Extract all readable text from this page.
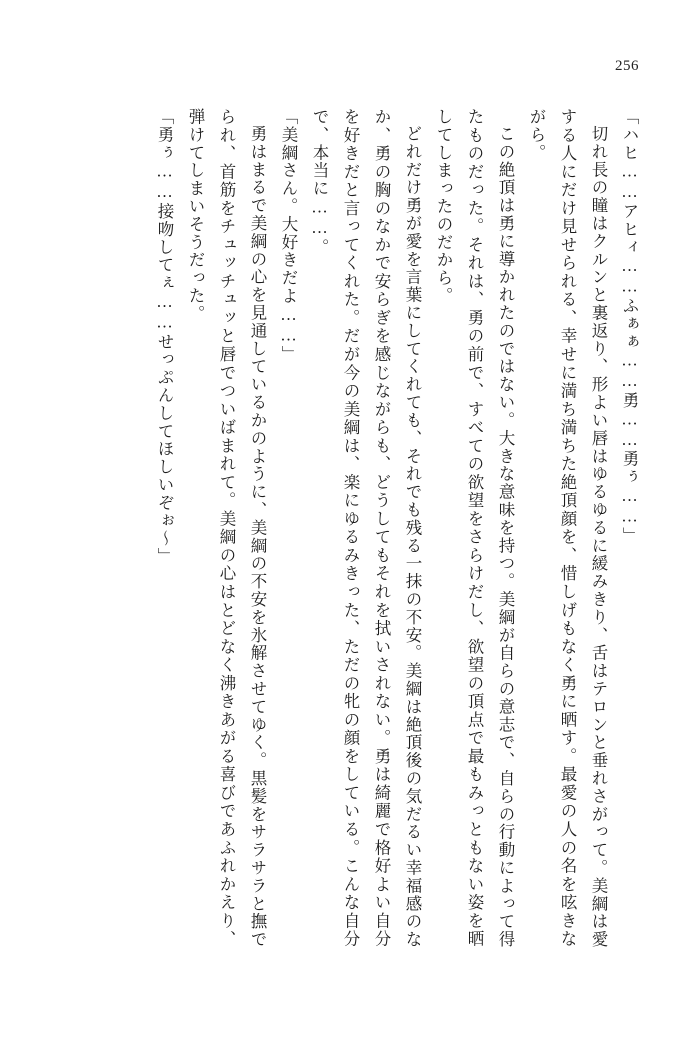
256

「ハヒ……アヒィ……ふぁぁ……勇……勇ぅ……」

切れ長の瞳はクルンと裏返り、形よい唇はゆるゆるに緩みきり、舌はテロンと垂れさがって。美綱は愛する人にだけ見せられる、幸せに満ち満ちた絶頂顔を、惜しげもなく勇に晒す。最愛の人の名を呟きながら。

この絶頂は勇に導かれたのではない。大きな意味を持つ。美綱が自らの意志で、自らの行動によって得たものだった。それは、勇の前で、すべての欲望をさらけだし、欲望の頂点で最もみっともない姿を晒してしまったのだから。

どれだけ勇が愛を言葉にしてくれても、それでも残る一抹の不安。美綱は絶頂後の気だるい幸福感のなか、勇の胸のなかで安らぎを感じながらも、どうしてもそれを拭いされない。勇は綺麗で格好よい自分を好きだと言ってくれた。だが今の美綱は、楽にゆるみきった、ただの牝の顔をしている。こんな自分で、本当に……。

「美綱さん。大好きだよ……」

勇はまるで美綱の心を見通しているかのように、美綱の不安を氷解させてゆく。黒髪をサラサラと撫でられ、首筋をチュッチュッと唇でついばまれて。美綱の心はとどなく沸きあがる喜びであふれかえり、弾けてしまいそうだった。

「勇ぅ……接吻してぇ……せっぷんしてほしいぞぉ〜」
